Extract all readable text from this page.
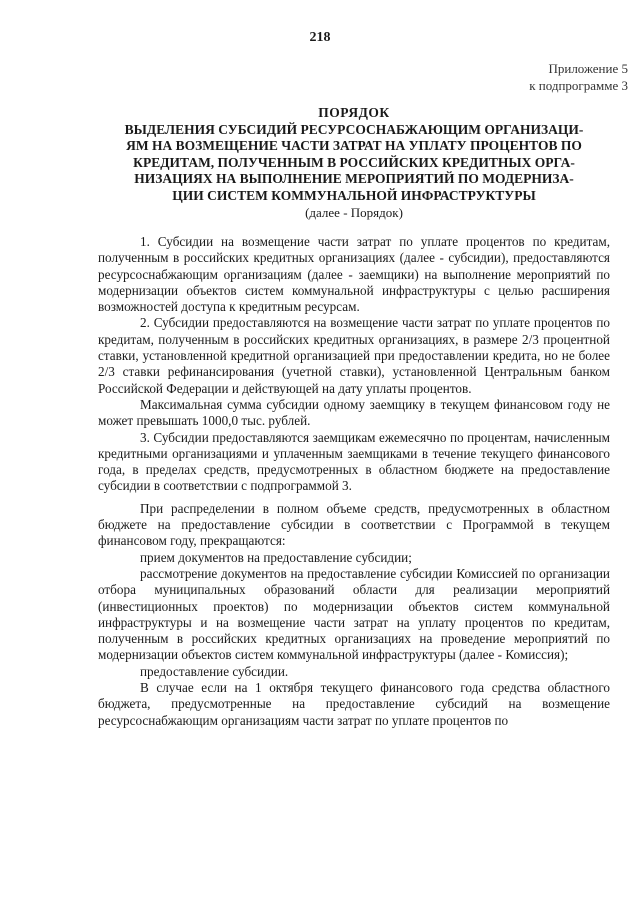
218
Приложение 5
к подпрограмме 3
ПОРЯДОК
ВЫДЕЛЕНИЯ СУБСИДИЙ РЕСУРСОСНАБЖАЮЩИМ ОРГАНИЗАЦИ-
ЯМ НА ВОЗМЕЩЕНИЕ ЧАСТИ ЗАТРАТ НА УПЛАТУ ПРОЦЕНТОВ ПО
КРЕДИТАМ, ПОЛУЧЕННЫМ В РОССИЙСКИХ КРЕДИТНЫХ ОРГА-
НИЗАЦИЯХ НА ВЫПОЛНЕНИЕ МЕРОПРИЯТИЙ ПО МОДЕРНИЗА-
ЦИИ СИСТЕМ КОММУНАЛЬНОЙ ИНФРАСТРУКТУРЫ
(далее - Порядок)

1. Субсидии на возмещение части затрат по уплате процентов по кредитам, полученным в российских кредитных организациях (далее - субсидии), предоставляются ресурсоснабжающим организациям (далее - заемщики) на выполнение мероприятий по модернизации объектов систем коммунальной инфраструктуры с целью расширения возможностей доступа к кредитным ресурсам.

2. Субсидии предоставляются на возмещение части затрат по уплате процентов по кредитам, полученным в российских кредитных организациях, в размере 2/3 процентной ставки, установленной кредитной организацией при предоставлении кредита, но не более 2/3 ставки рефинансирования (учетной ставки), установленной Центральным банком Российской Федерации и действующей на дату уплаты процентов.

Максимальная сумма субсидии одному заемщику в текущем финансовом году не может превышать 1000,0 тыс. рублей.

3. Субсидии предоставляются заемщикам ежемесячно по процентам, начисленным кредитными организациями и уплаченным заемщиками в течение текущего финансового года, в пределах средств, предусмотренных в областном бюджете на предоставление субсидии в соответствии с подпрограммой 3.

При распределении в полном объеме средств, предусмотренных в областном бюджете на предоставление субсидии в соответствии с Программой в текущем финансовом году, прекращаются:

прием документов на предоставление субсидии;

рассмотрение документов на предоставление субсидии Комиссией по организации отбора муниципальных образований области для реализации мероприятий (инвестиционных проектов) по модернизации объектов систем коммунальной инфраструктуры и на возмещение части затрат на уплату процентов по кредитам, полученным в российских кредитных организациях на проведение мероприятий по модернизации объектов систем коммунальной инфраструктуры (далее - Комиссия);

предоставление субсидии.

В случае если на 1 октября текущего финансового года средства областного бюджета, предусмотренные на предоставление субсидий на возмещение ресурсоснабжающим организациям части затрат по уплате процентов по
